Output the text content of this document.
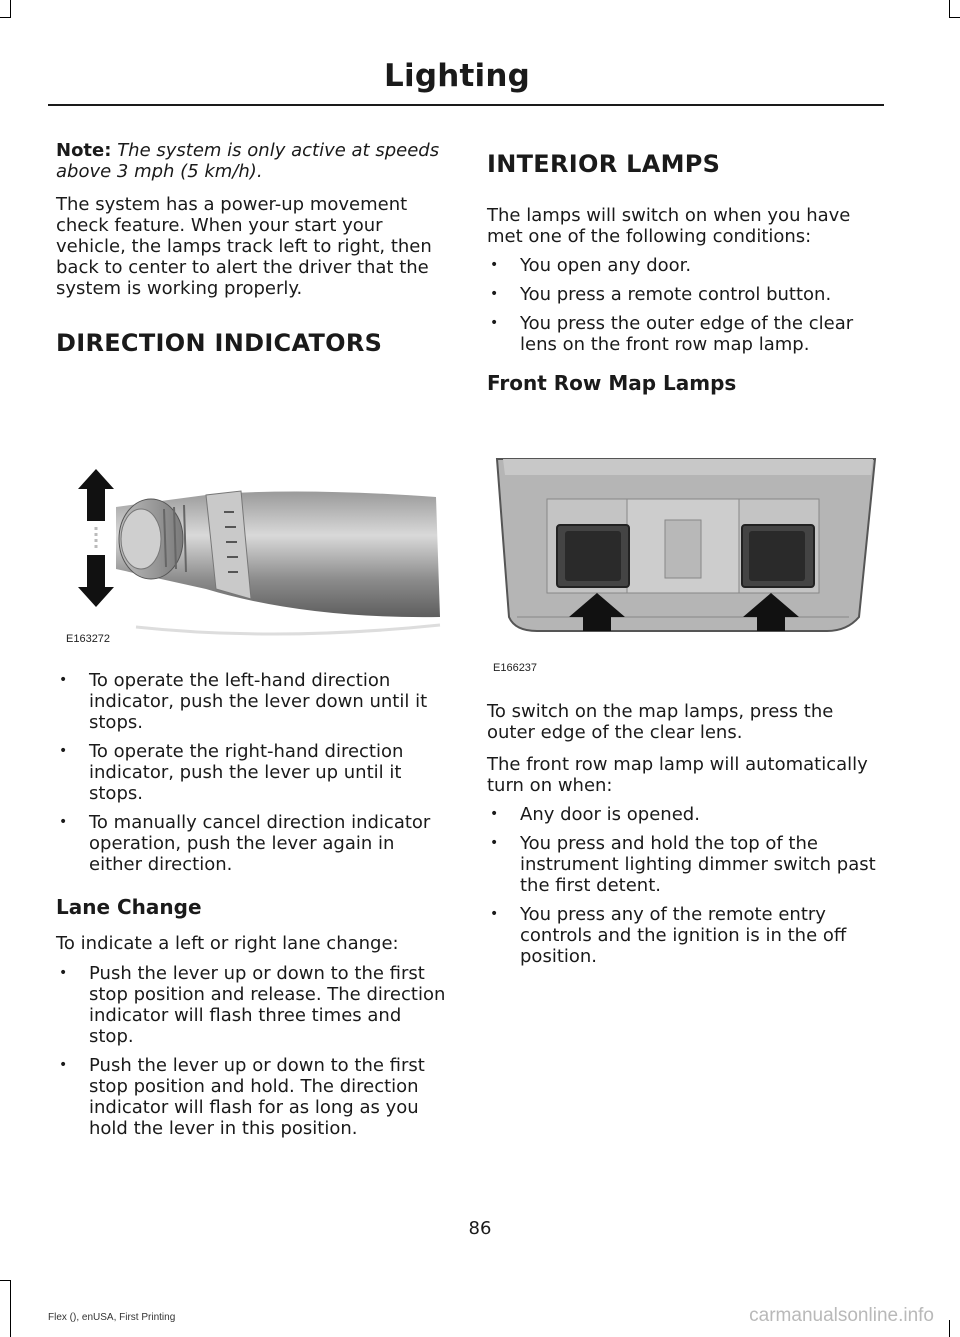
Lighting

Note: The system is only active at speeds above 3 mph (5 km/h).

The system has a power-up movement check feature. When your start your vehicle, the lamps track left to right, then back to center to alert the driver that the system is working properly.

DIRECTION INDICATORS
E163272
• To operate the left-hand direction indicator, push the lever down until it stops.
• To operate the right-hand direction indicator, push the lever up until it stops.
• To manually cancel direction indicator operation, push the lever again in either direction.
Lane Change

To indicate a left or right lane change:

• Push the lever up or down to the first stop position and release. The direction indicator will flash three times and stop.
• Push the lever up or down to the first stop position and hold. The direction indicator will flash for as long as you hold the lever in this position.
INTERIOR LAMPS

The lamps will switch on when you have met one of the following conditions:

• You open any door.
• You press a remote control button.
• You press the outer edge of the clear lens on the front row map lamp.
Front Row Map Lamps
E166237

To switch on the map lamps, press the outer edge of the clear lens.

The front row map lamp will automatically turn on when:

• Any door is opened.
• You press and hold the top of the instrument lighting dimmer switch past the first detent.
• You press any of the remote entry controls and the ignition is in the off position.
86
Flex (), enUSA, First Printing	carmanualsonline.info
